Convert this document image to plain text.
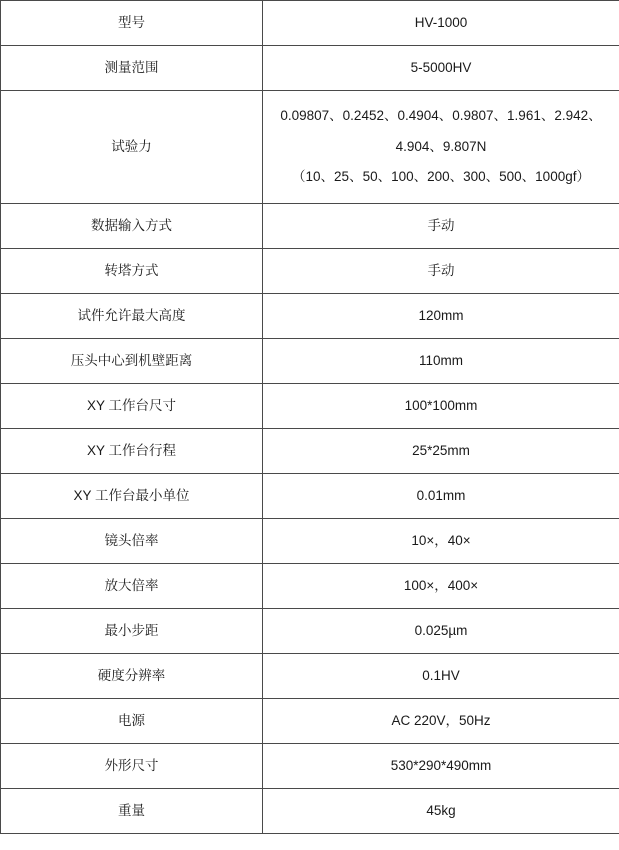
型号	HV-1000
测量范围	5-5000HV
试验力	0.09807、0.2452、0.4904、0.9807、1.961、2.942、
4.904、9.807N
（10、25、50、100、200、300、500、1000gf）

数据输入方式	手动
转塔方式	手动
试件允许最大高度	120mm
压头中心到机壁距离	110mm
XY 工作台尺寸	100*100mm
XY 工作台行程	25*25mm
XY 工作台最小单位	0.01mm
镜头倍率	10×，40×
放大倍率	100×，400×
最小步距	0.025µm
硬度分辨率	0.1HV
电源	AC 220V，50Hz
外形尺寸	530*290*490mm
重量	45kg
